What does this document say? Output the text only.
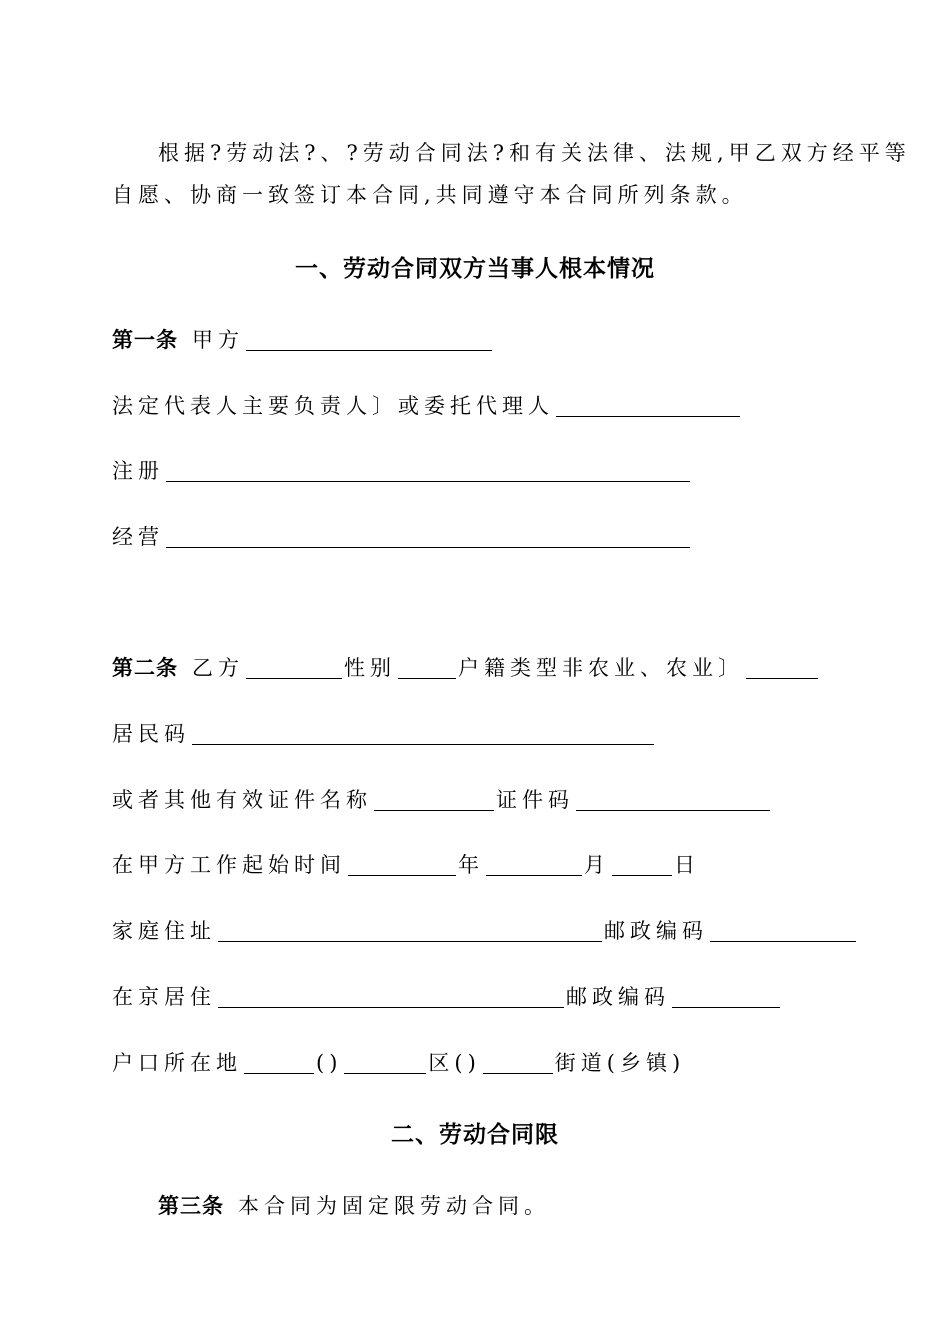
根据?劳动法?、?劳动合同法?和有关法律、法规,甲乙双方经平等

自愿、协商一致签订本合同,共同遵守本合同所列条款。

一、劳动合同双方当事人根本情况
第一条 甲方
法定代表人主要负责人〕或委托代理人
注册
经营
第二条 乙方	性别	户籍类型非农业、农业〕
居民码
或者其他有效证件名称	证件码
在甲方工作起始时间	年	月	日
家庭住址	邮政编码
在京居住	邮政编码
户口所在地	()	区()	街道(乡镇)
二、劳动合同限
第三条 本合同为固定限劳动合同。
